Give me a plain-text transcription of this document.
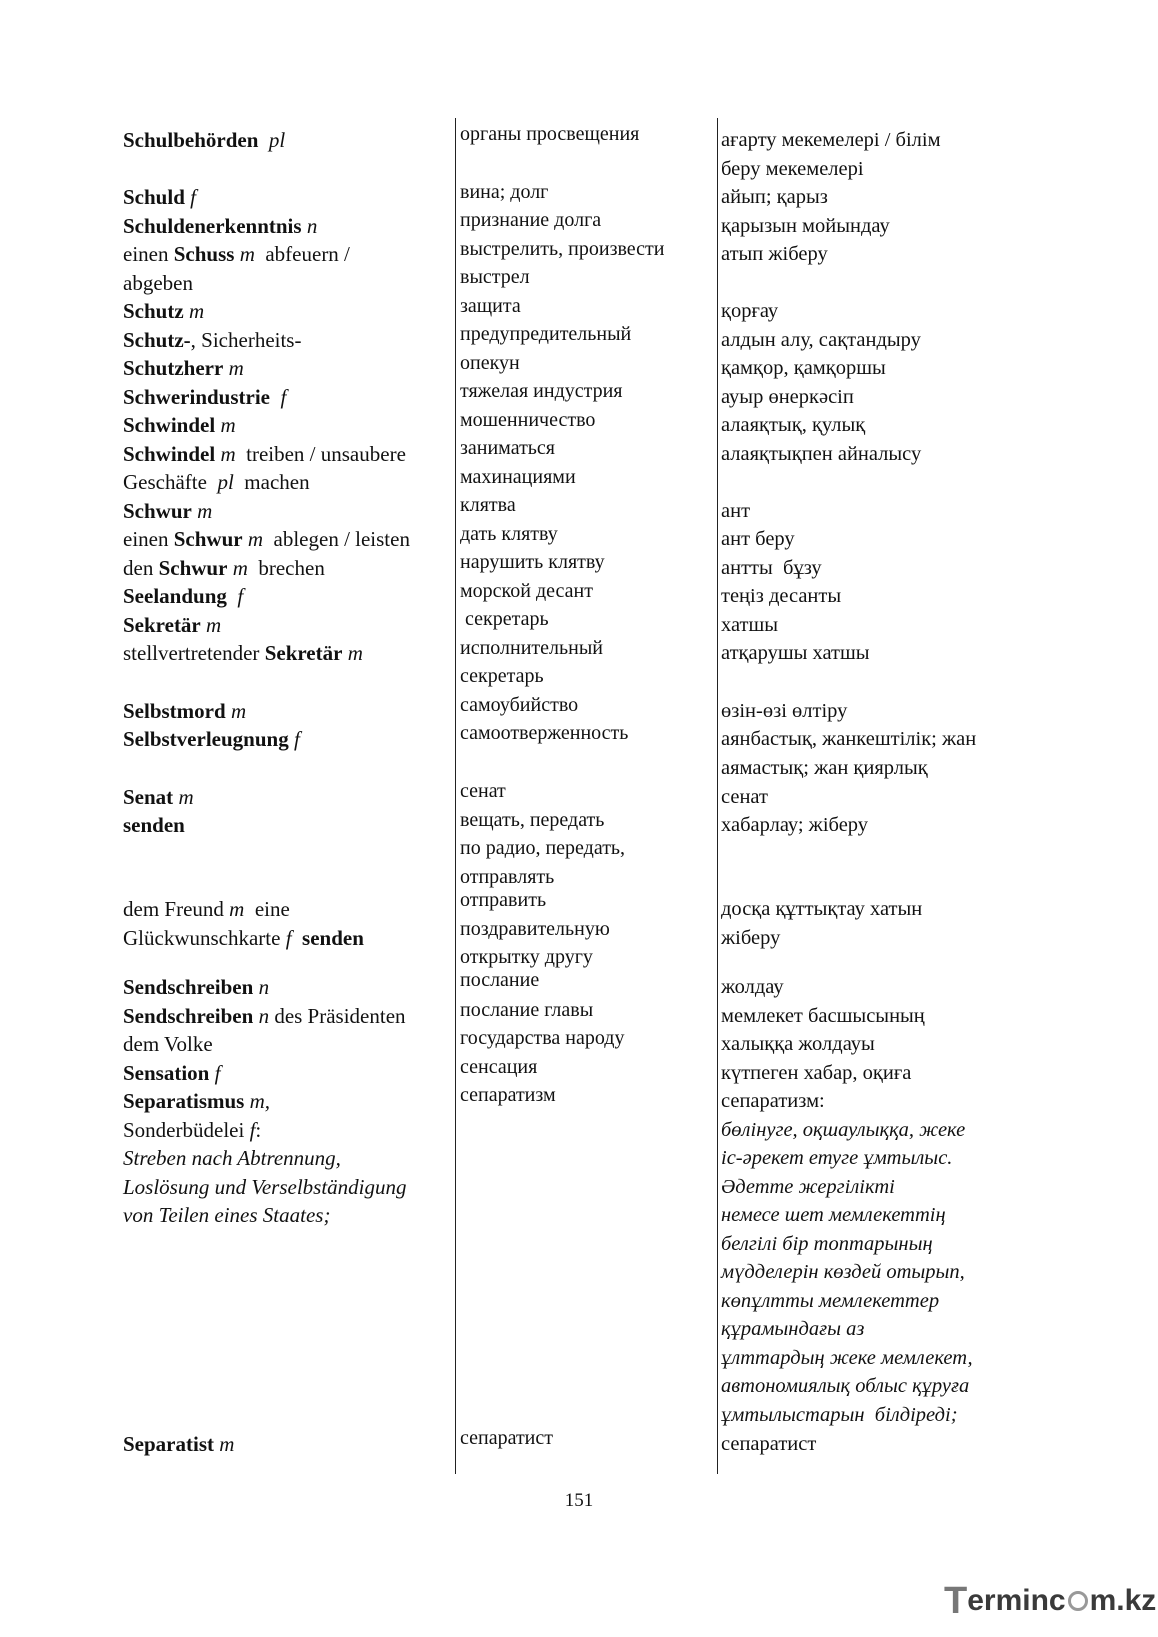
Schulbehörden pl
Schuld f
Schuldenerkenntnis n
einen Schuss m  abfeuern /
abgeben
Schutz m
Schutz-, Sicherheits-
Schutzherr m
Schwerindustrie f
Schwindel m
Schwindel m  treiben / unsaubere
Geschäfte  pl  machen
Schwur m
einen Schwur m  ablegen / leisten
den Schwur m  brechen
Seelandung f
Sekretär m
stellvertretender Sekretär m
Selbstmord m
Selbstverleugnung f
Senat m
senden
dem Freund m  eine
Glückwunschkarte f senden
Sendschreiben n
Sendschreiben n des Präsidenten
dem Volke
Sensation f
Separatismus m,
Sonderbüdelei f:
Streben nach Abtrennung,
Loslösung und Verselbständigung
von Teilen eines Staates;
Separatist m
органы просвещения
вина; долг
признание долга
выстрелить, произвести
выстрел
защита
предупредительный
опекун
тяжелая индустрия
мошенничество
заниматься
махинациями
клятва
дать клятву
нарушить клятву
морской десант
секретарь
исполнительный
секретарь
самоубийство
самоотверженность
сенат
вещать, передать
по радио, передать,
отправлять
отправить
поздравительную
открытку другу
послание
послание главы
государства народу
сенсация
сепаратизм
сепаратист
ағарту мекемелері / білім
беру мекемелері
айып; қарыз
қарызын мойындау
атып жіберу
қорғау
алдын алу, сақтандыру
қамқор, қамқоршы
ауыр өнеркәсіп
алаяқтық, қулық
алаяқтықпен айналысу
ант
ант беру
антты  бұзу
теңіз десанты
хатшы
атқарушы хатшы
өзін-өзі өлтіру
аянбастық, жанкештілік; жан
аямастық; жан қиярлық
сенат
хабарлау; жіберу
досқа құттықтау хатын
жіберу
жолдау
мемлекет басшысының
халыққа жолдауы
күтпеген хабар, оқиға
сепаратизм:
бөлінуге, оқшаулыққа, жеке
іс-әрекет етуге ұмтылыс.
Әдетте жергілікті
немесе шет мемлекеттің
белгілі бір топтарының
мүдделерін көздей отырып,
көпұлтты мемлекеттер
құрамындағы аз
ұлттардың жеке мемлекет,
автономиялық облыс құруға
ұмтылыстарын  білдіреді;
сепаратист
151
T erminc m.kz
